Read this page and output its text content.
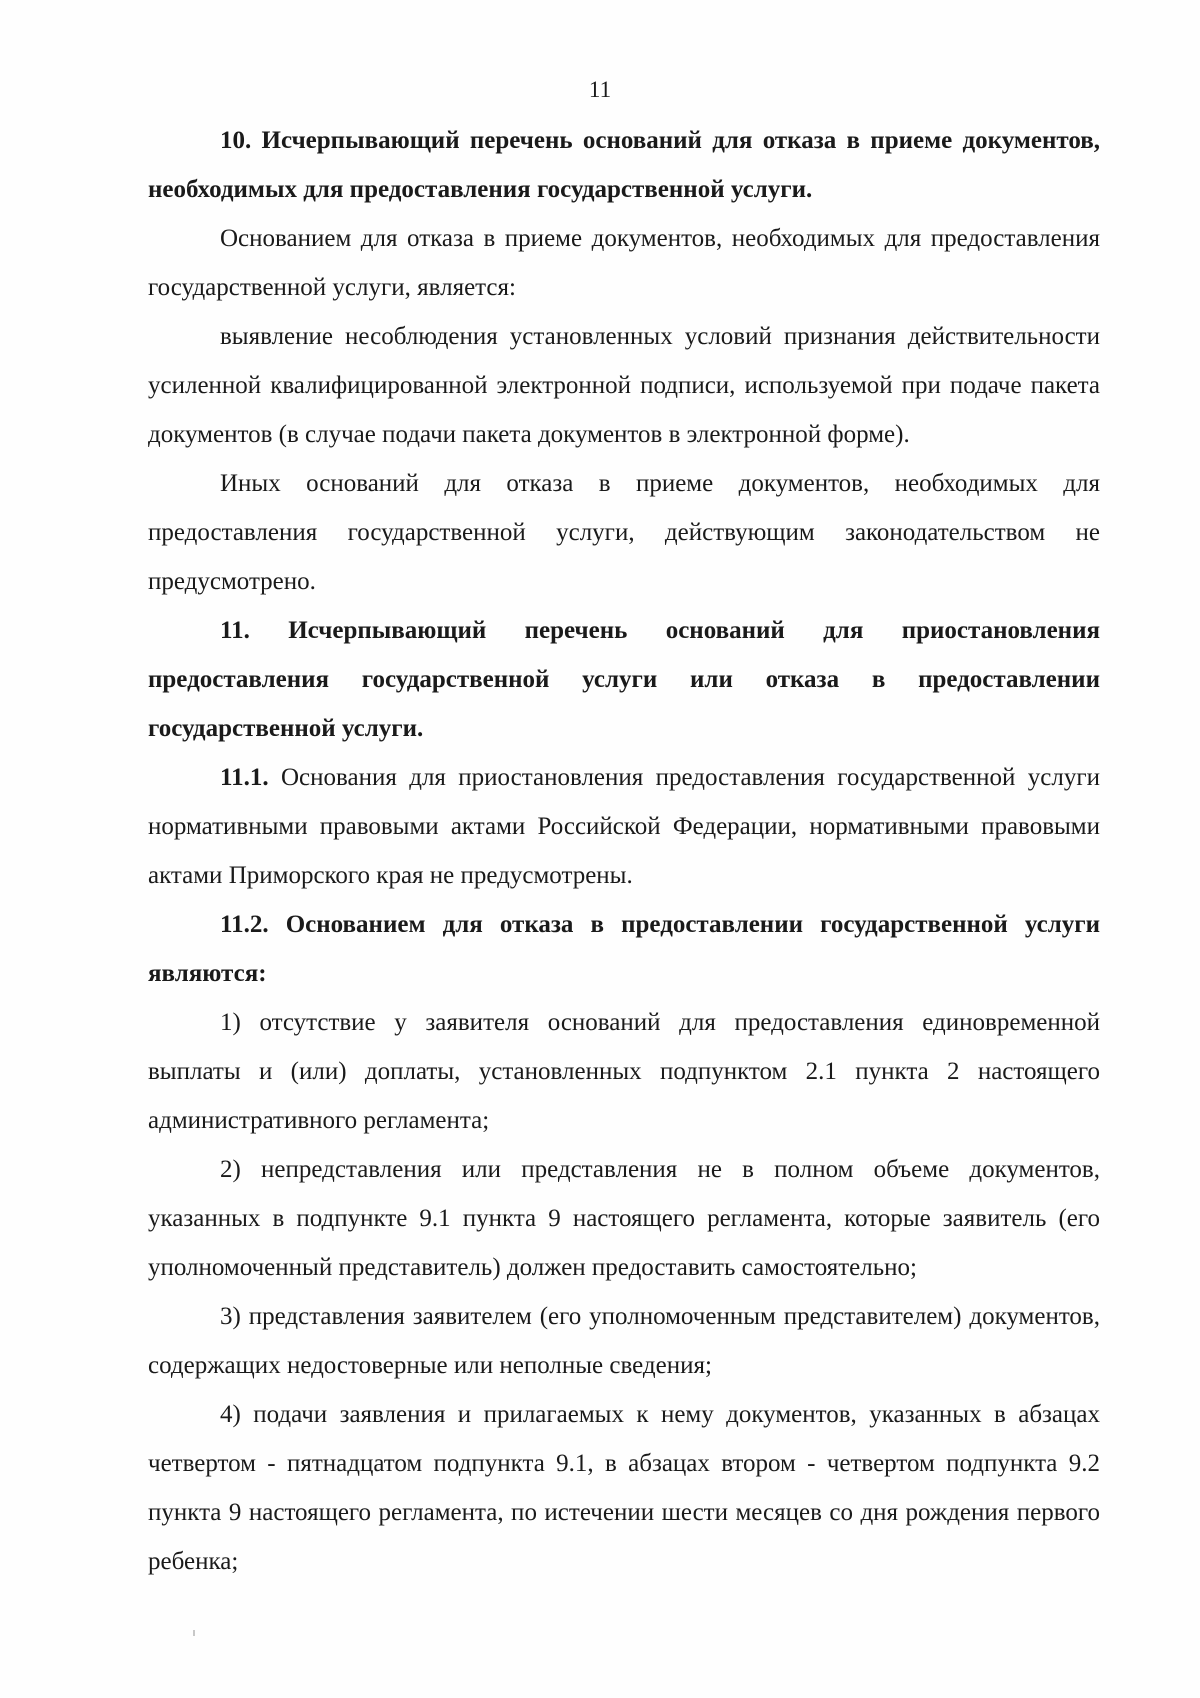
11

10. Исчерпывающий перечень оснований для отказа в приеме документов, необходимых для предоставления государственной услуги.

Основанием для отказа в приеме документов, необходимых для предоставления государственной услуги, является:

выявление несоблюдения установленных условий признания действительности усиленной квалифицированной электронной подписи, используемой при подаче пакета документов (в случае подачи пакета документов в электронной форме).

Иных оснований для отказа в приеме документов, необходимых для предоставления государственной услуги, действующим законодательством не предусмотрено.

11. Исчерпывающий перечень оснований для приостановления предоставления государственной услуги или отказа в предоставлении государственной услуги.

11.1. Основания для приостановления предоставления государственной услуги нормативными правовыми актами Российской Федерации, нормативными правовыми актами Приморского края не предусмотрены.

11.2. Основанием для отказа в предоставлении государственной услуги являются:

1) отсутствие у заявителя оснований для предоставления единовременной выплаты и (или) доплаты, установленных подпунктом 2.1 пункта 2 настоящего административного регламента;

2) непредставления или представления не в полном объеме документов, указанных в подпункте 9.1 пункта 9 настоящего регламента, которые заявитель (его уполномоченный представитель) должен предоставить самостоятельно;

3) представления заявителем (его уполномоченным представителем) документов, содержащих недостоверные или неполные сведения;

4) подачи заявления и прилагаемых к нему документов, указанных в абзацах четвертом - пятнадцатом подпункта 9.1, в абзацах втором - четвертом подпункта 9.2 пункта 9 настоящего регламента, по истечении шести месяцев со дня рождения первого ребенка;
